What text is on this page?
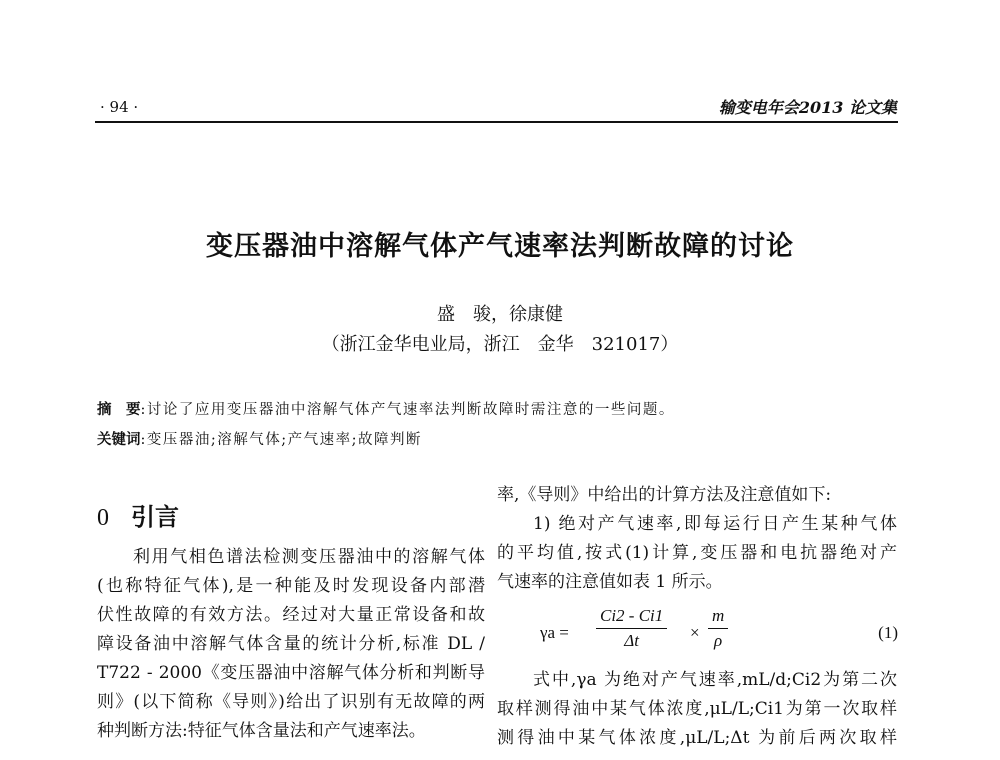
· 94 ·	输变电年会2013 论文集
变压器油中溶解气体产气速率法判断故障的讨论
盛　骏，徐康健
（浙江金华电业局，浙江　金华　321017）
摘　要:讨论了应用变压器油中溶解气体产气速率法判断故障时需注意的一些问题。
关键词:变压器油;溶解气体;产气速率;故障判断
0 引言
利用气相色谱法检测变压器油中的溶解气体
(也称特征气体),是一种能及时发现设备内部潜
伏性故障的有效方法。经过对大量正常设备和故
障设备油中溶解气体含量的统计分析,标准 DL /
T722 - 2000《变压器油中溶解气体分析和判断导
则》(以下简称《导则》)给出了识别有无故障的两
种判断方法:特征气体含量法和产气速率法。
率,《导则》中给出的计算方法及注意值如下:
1) 绝对产气速率,即每运行日产生某种气体
的平均值,按式(1)计算,变压器和电抗器绝对产
气速率的注意值如表 1 所示。
$\gamma a = \frac{Ci2 - Ci1}{\Delta t} \times \frac{m}{\rho}$	(1)
式中,γa 为绝对产气速率,mL/d;Ci2为第二次
取样测得油中某气体浓度,μL/L;Ci1为第一次取样
测得油中某气体浓度,μL/L;Δt 为前后两次取样
